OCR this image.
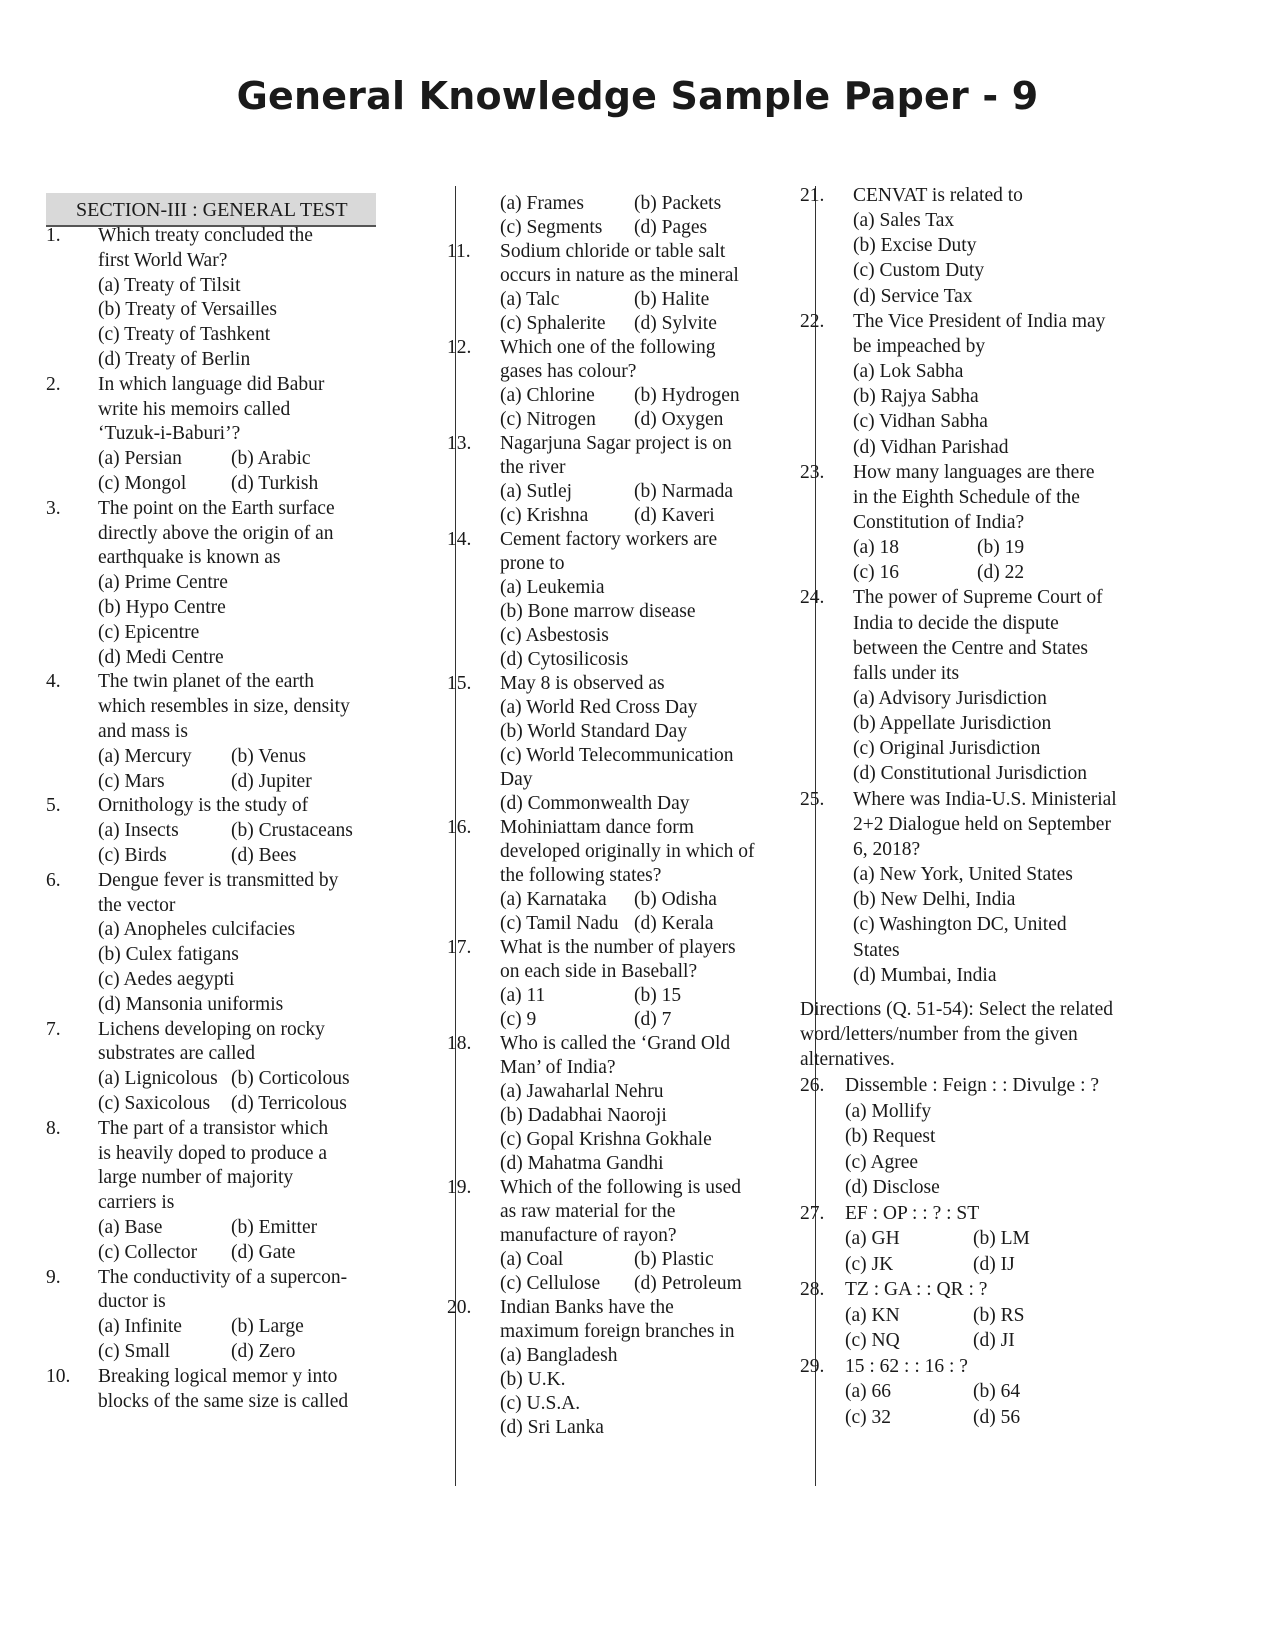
General Knowledge Sample Paper - 9
SECTION-III : GENERAL TEST
1. Which treaty concluded the
first World War?
(a) Treaty of Tilsit
(b) Treaty of Versailles
(c) Treaty of Tashkent
(d) Treaty of Berlin
2. In which language did Babur
write his memoirs called
‘Tuzuk-i-Baburi’?
(a) Persian	(b) Arabic
(c) Mongol (d) Turkish
3. The point on the Earth surface
directly above the origin of an
earthquake is known as
(a) Prime Centre
(b) Hypo Centre
(c) Epicentre
(d) Medi Centre
4. The twin planet of the earth
which resembles in size, density
and mass is
(a) Mercury (b) Venus
(c) Mars	(d) Jupiter
5. Ornithology is the study of
(a) Insects	(b) Crustaceans
(c) Birds	(d) Bees
6. Dengue fever is transmitted by
the vector
(a) Anopheles culcifacies
(b) Culex fatigans
(c) Aedes aegypti
(d) Mansonia uniformis
7. Lichens developing on rocky
substrates are called
(a) Lignicolous (b) Corticolous
(c) Saxicolous (d) Terricolous
8. The part of a transistor which
is heavily doped to produce a
large number of majority
carriers is
(a) Base	(b) Emitter
(c) Collector (d) Gate
9. The conductivity of a supercon-
ductor is
(a) Infinite	(b) Large
(c) Small	(d) Zero
10. Breaking logical memor y into
blocks of the same size is called
(a) Frames	(b) Packets
(c) Segments (d) Pages
11. Sodium chloride or table salt
occurs in nature as the mineral
(a) Talc	(b) Halite
(c) Sphalerite (d) Sylvite
12. Which one of the following
gases has colour?
(a) Chlorine (b) Hydrogen
(c) Nitrogen (d) Oxygen
13. Nagarjuna Sagar project is on
the river
(a) Sutlej	(b) Narmada
(c) Krishna (d) Kaveri
14. Cement factory workers are
prone to
(a) Leukemia
(b) Bone marrow disease
(c) Asbestosis
(d) Cytosilicosis
15. May 8 is observed as
(a) World Red Cross Day
(b) World Standard Day
(c) World Telecommunication
Day
(d) Commonwealth Day
16. Mohiniattam dance form
developed originally in which of
the following states?
(a) Karnataka (b) Odisha
(c) Tamil Nadu (d) Kerala
17. What is the number of players
on each side in Baseball?
(a) 11	(b) 15
(c) 9	(d) 7
18. Who is called the ‘Grand Old
Man’ of India?
(a) Jawaharlal Nehru
(b) Dadabhai Naoroji
(c) Gopal Krishna Gokhale
(d) Mahatma Gandhi
19. Which of the following is used
as raw material for the
manufacture of rayon?
(a) Coal	(b) Plastic
(c) Cellulose (d) Petroleum
20. Indian Banks have the
maximum foreign branches in
(a) Bangladesh
(b) U.K.
(c) U.S.A.
(d) Sri Lanka
21. CENVAT is related to
(a) Sales Tax
(b) Excise Duty
(c) Custom Duty
(d) Service Tax
22. The Vice President of India may
be impeached by
(a) Lok Sabha
(b) Rajya Sabha
(c) Vidhan Sabha
(d) Vidhan Parishad
23. How many languages are there
in the Eighth Schedule of the
Constitution of India?
(a) 18	(b) 19
(c) 16	(d) 22
24. The power of Supreme Court of
India to decide the dispute
between the Centre and States
falls under its
(a) Advisory Jurisdiction
(b) Appellate Jurisdiction
(c) Original Jurisdiction
(d) Constitutional Jurisdiction
25. Where was India-U.S. Ministerial
2+2 Dialogue held on September
6, 2018?
(a) New York, United States
(b) New Delhi, India
(c) Washington DC, United
States
(d) Mumbai, India
Directions (Q. 51-54): Select the related
word/letters/number from the given
alternatives.
26. Dissemble : Feign : : Divulge : ?
(a) Mollify
(b) Request
(c) Agree
(d) Disclose
27. EF : OP : : ? : ST
(a) GH	(b) LM
(c) JK	(d) IJ
28. TZ : GA : : QR : ?
(a) KN	(b) RS
(c) NQ	(d) JI
29. 15 : 62 : : 16 : ?
(a) 66	(b) 64
(c) 32	(d) 56
